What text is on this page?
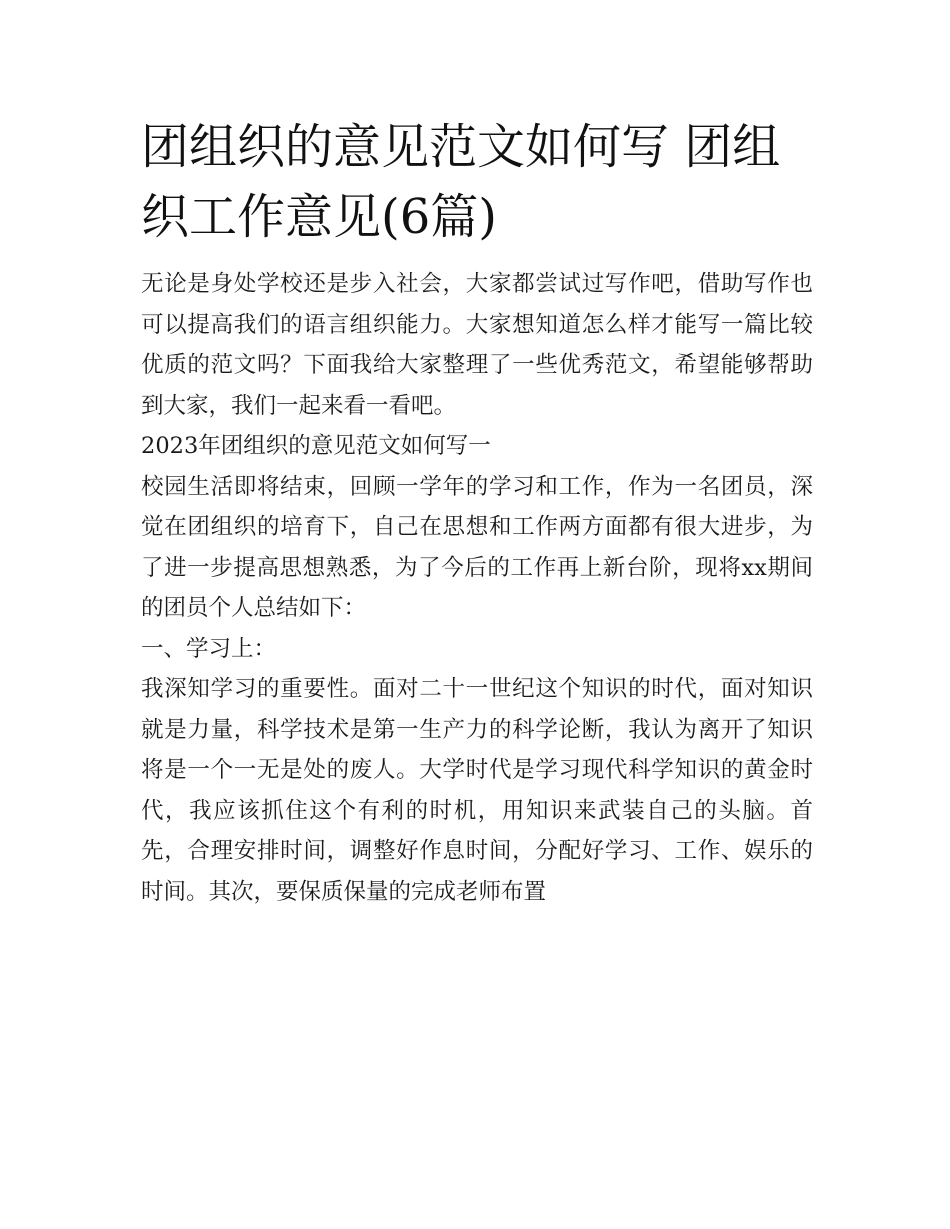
团组织的意见范文如何写 团组织工作意见(6篇)

无论是身处学校还是步入社会，大家都尝试过写作吧，借助写作也可以提高我们的语言组织能力。大家想知道怎么样才能写一篇比较优质的范文吗？下面我给大家整理了一些优秀范文，希望能够帮助到大家，我们一起来看一看吧。

2023年团组织的意见范文如何写一

校园生活即将结束，回顾一学年的学习和工作，作为一名团员，深觉在团组织的培育下，自己在思想和工作两方面都有很大进步，为了进一步提高思想熟悉，为了今后的工作再上新台阶，现将xx期间的团员个人总结如下：

一、学习上：

我深知学习的重要性。面对二十一世纪这个知识的时代，面对知识就是力量，科学技术是第一生产力的科学论断，我认为离开了知识将是一个一无是处的废人。大学时代是学习现代科学知识的黄金时代，我应该抓住这个有利的时机，用知识来武装自己的头脑。首先，合理安排时间，调整好作息时间，分配好学习、工作、娱乐的时间。其次，要保质保量的完成老师布置
